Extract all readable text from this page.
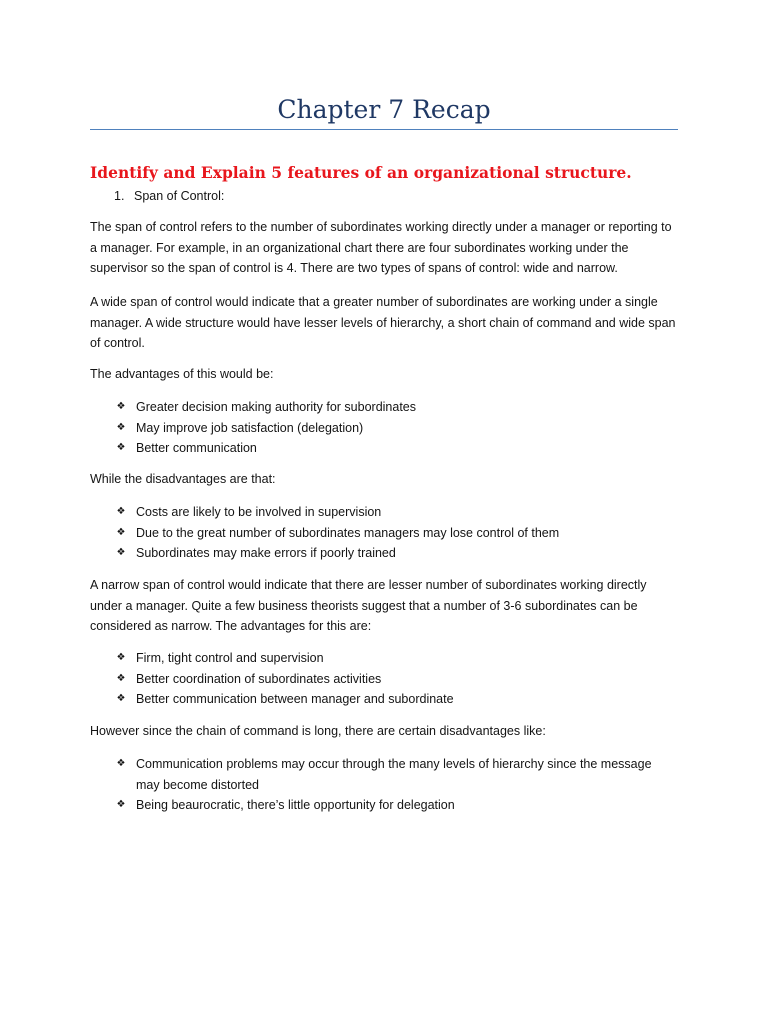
Chapter 7 Recap
Identify and Explain 5 features of an organizational structure.
1. Span of Control:

The span of control refers to the number of subordinates working directly under a manager or reporting to a manager. For example, in an organizational chart there are four subordinates working under the supervisor so the span of control is 4. There are two types of spans of control: wide and narrow.

A wide span of control would indicate that a greater number of subordinates are working under a single manager. A wide structure would have lesser levels of hierarchy, a short chain of command and wide span of control.

The advantages of this would be:

❖ Greater decision making authority for subordinates
❖ May improve job satisfaction (delegation)
❖ Better communication

While the disadvantages are that:

❖ Costs are likely to be involved in supervision
❖ Due to the great number of subordinates managers may lose control of them
❖ Subordinates may make errors if poorly trained

A narrow span of control would indicate that there are lesser number of subordinates working directly under a manager. Quite a few business theorists suggest that a number of 3-6 subordinates can be considered as narrow. The advantages for this are:

❖ Firm, tight control and supervision
❖ Better coordination of subordinates activities
❖ Better communication between manager and subordinate

However since the chain of command is long, there are certain disadvantages like:

❖ Communication problems may occur through the many levels of hierarchy since the message may become distorted
❖ Being beaurocratic, there’s little opportunity for delegation
